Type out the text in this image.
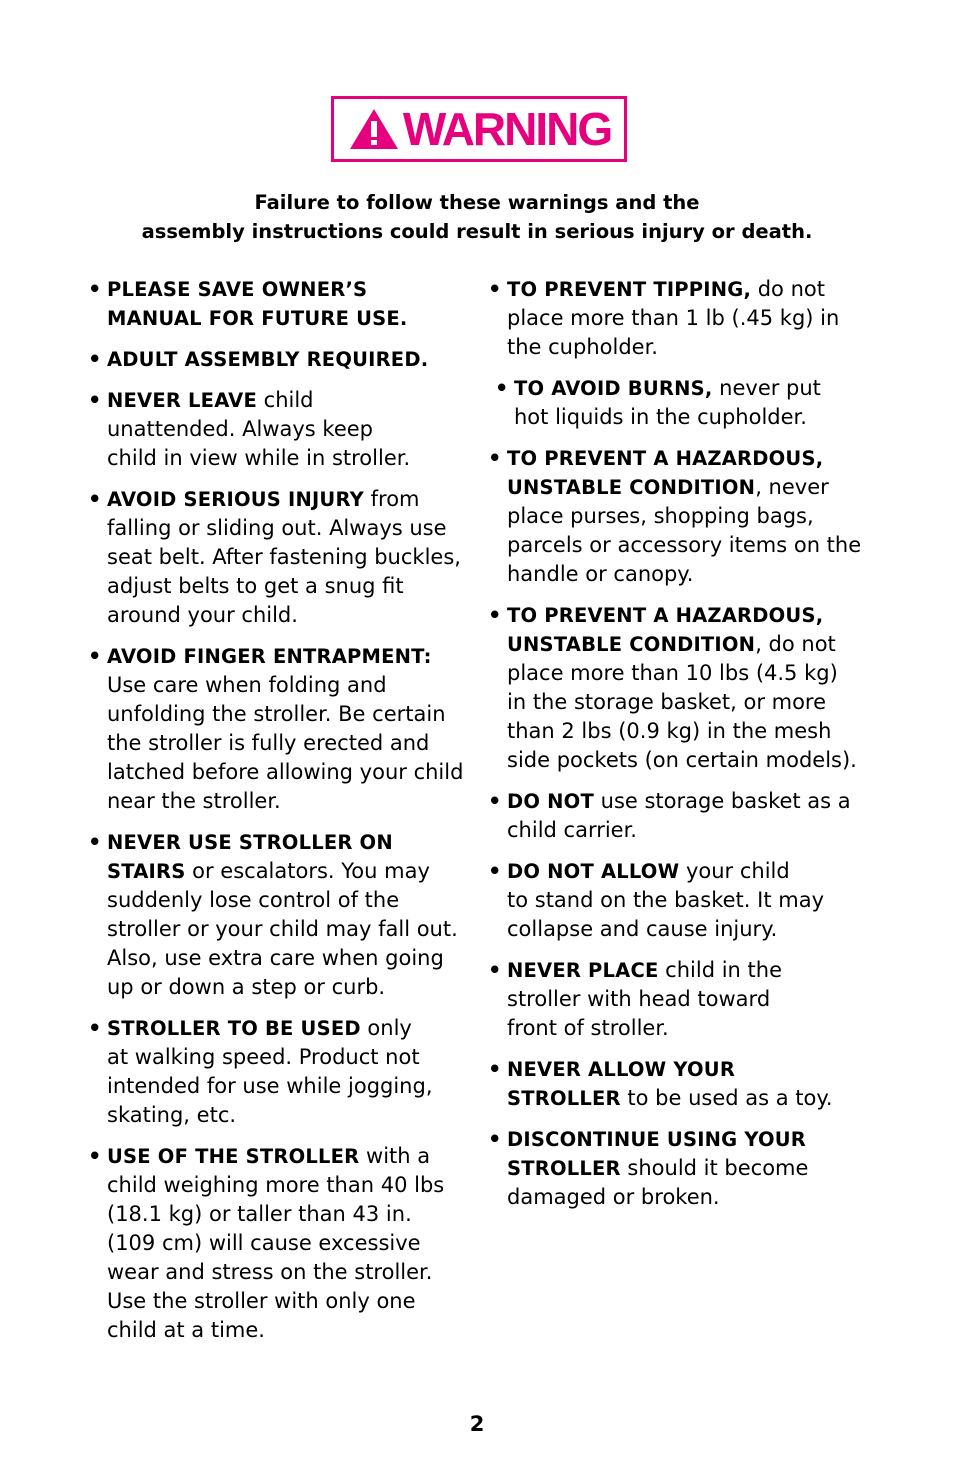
WARNING
Failure to follow these warnings and the
assembly instructions could result in serious injury or death.
• PLEASE SAVE OWNER’S
MANUAL FOR FUTURE USE.
• ADULT ASSEMBLY REQUIRED.
• NEVER LEAVE child
unattended. Always keep
child in view while in stroller.
• AVOID SERIOUS INJURY from
falling or sliding out. Always use
seat belt. After fastening buckles,
adjust belts to get a snug fit
around your child.
• AVOID FINGER ENTRAPMENT:
Use care when folding and
unfolding the stroller. Be certain
the stroller is fully erected and
latched before allowing your child
near the stroller.
• NEVER USE STROLLER ON
STAIRS or escalators. You may
suddenly lose control of the
stroller or your child may fall out.
Also, use extra care when going
up or down a step or curb.
• STROLLER TO BE USED only
at walking speed. Product not
intended for use while jogging,
skating, etc.
• USE OF THE STROLLER with a
child weighing more than 40 lbs
(18.1 kg) or taller than 43 in.
(109 cm) will cause excessive
wear and stress on the stroller.
Use the stroller with only one
child at a time.
• TO PREVENT TIPPING, do not
place more than 1 lb (.45 kg) in
the cupholder.
• TO AVOID BURNS, never put
hot liquids in the cupholder.
• TO PREVENT A HAZARDOUS,
UNSTABLE CONDITION, never
place purses, shopping bags,
parcels or accessory items on the
handle or canopy.
• TO PREVENT A HAZARDOUS,
UNSTABLE CONDITION, do not
place more than 10 lbs (4.5 kg)
in the storage basket, or more
than 2 lbs (0.9 kg) in the mesh
side pockets (on certain models).
• DO NOT use storage basket as a
child carrier.
• DO NOT ALLOW your child
to stand on the basket. It may
collapse and cause injury.
• NEVER PLACE child in the
stroller with head toward
front of stroller.
• NEVER ALLOW YOUR
STROLLER to be used as a toy.
• DISCONTINUE USING YOUR
STROLLER should it become
damaged or broken.
2
